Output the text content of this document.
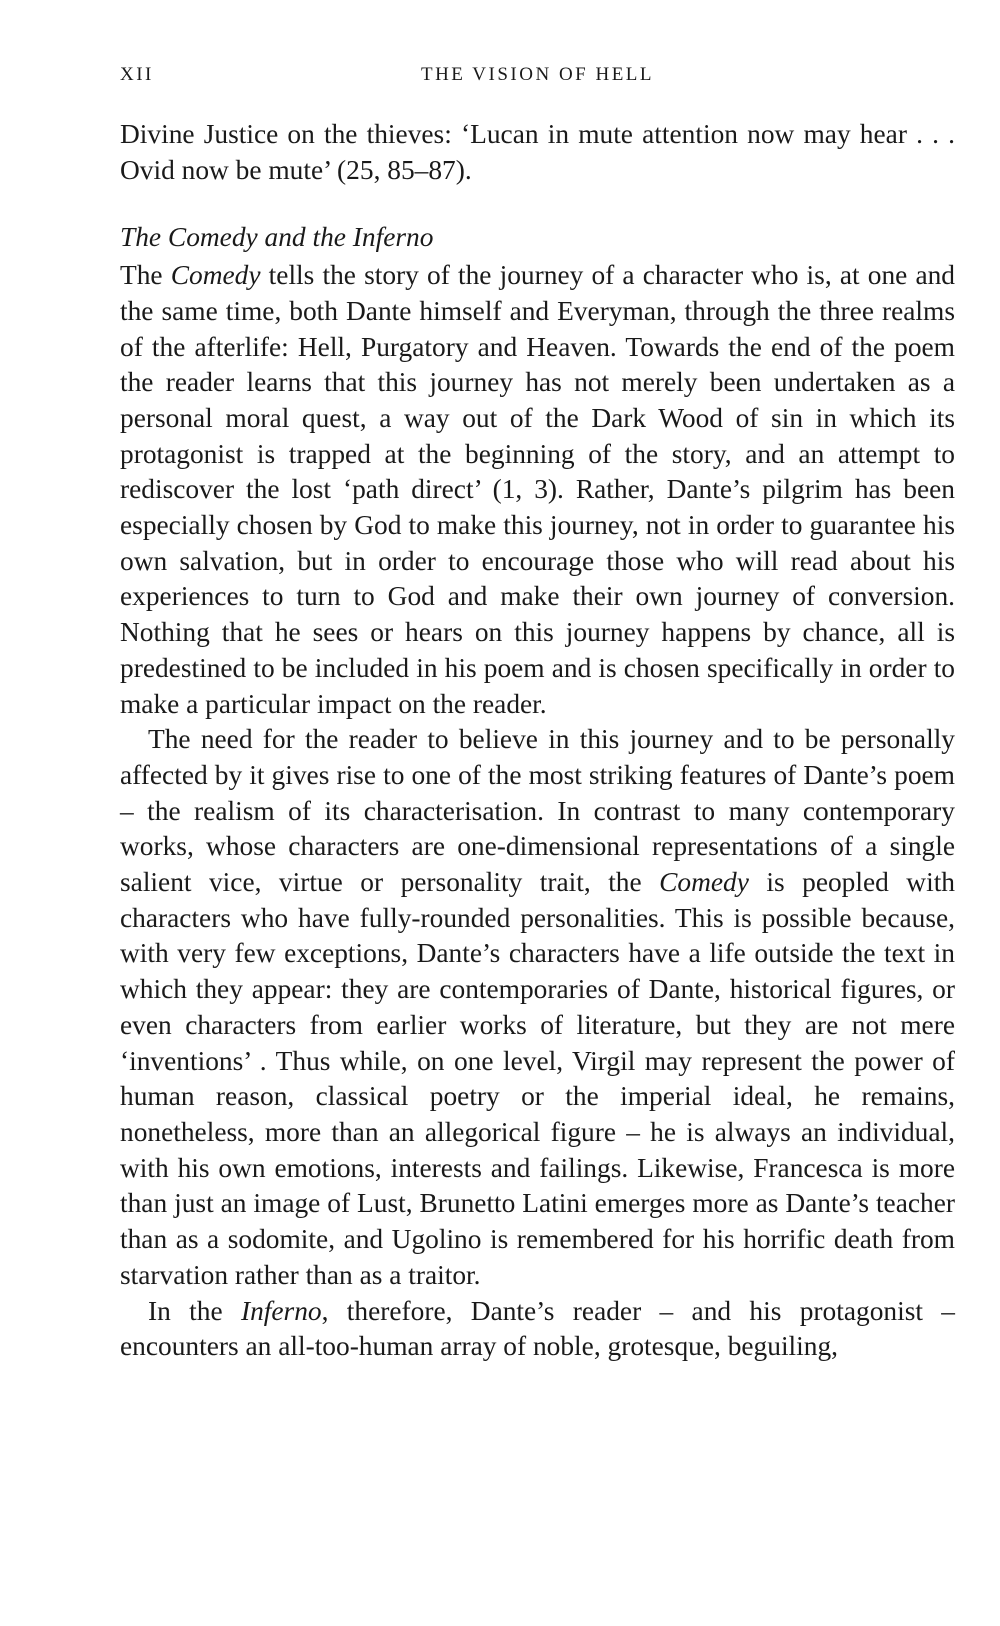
XII	THE VISION OF HELL

Divine Justice on the thieves: ‘Lucan in mute attention now may hear . . . Ovid now be mute’ (25, 85–87).

The Comedy and the Inferno

The Comedy tells the story of the journey of a character who is, at one and the same time, both Dante himself and Everyman, through the three realms of the afterlife: Hell, Purgatory and Heaven. Towards the end of the poem the reader learns that this journey has not merely been undertaken as a personal moral quest, a way out of the Dark Wood of sin in which its protagonist is trapped at the beginning of the story, and an attempt to rediscover the lost ‘path direct’ (1, 3). Rather, Dante’s pilgrim has been especially chosen by God to make this journey, not in order to guarantee his own salvation, but in order to encourage those who will read about his experiences to turn to God and make their own journey of conversion. Nothing that he sees or hears on this journey happens by chance, all is predestined to be included in his poem and is chosen specifically in order to make a particular impact on the reader.

The need for the reader to believe in this journey and to be personally affected by it gives rise to one of the most striking features of Dante’s poem – the realism of its characterisation. In contrast to many contemporary works, whose characters are one-dimensional representations of a single salient vice, virtue or personality trait, the Comedy is peopled with characters who have fully-rounded personalities. This is possible because, with very few exceptions, Dante’s characters have a life outside the text in which they appear: they are contemporaries of Dante, historical figures, or even characters from earlier works of literature, but they are not mere ‘inventions’ . Thus while, on one level, Virgil may represent the power of human reason, classical poetry or the imperial ideal, he remains, nonetheless, more than an allegorical figure – he is always an individual, with his own emotions, interests and failings. Likewise, Francesca is more than just an image of Lust, Brunetto Latini emerges more as Dante’s teacher than as a sodomite, and Ugolino is remembered for his horrific death from starvation rather than as a traitor.

In the Inferno, therefore, Dante’s reader – and his protagonist – encounters an all-too-human array of noble, grotesque, beguiling,
